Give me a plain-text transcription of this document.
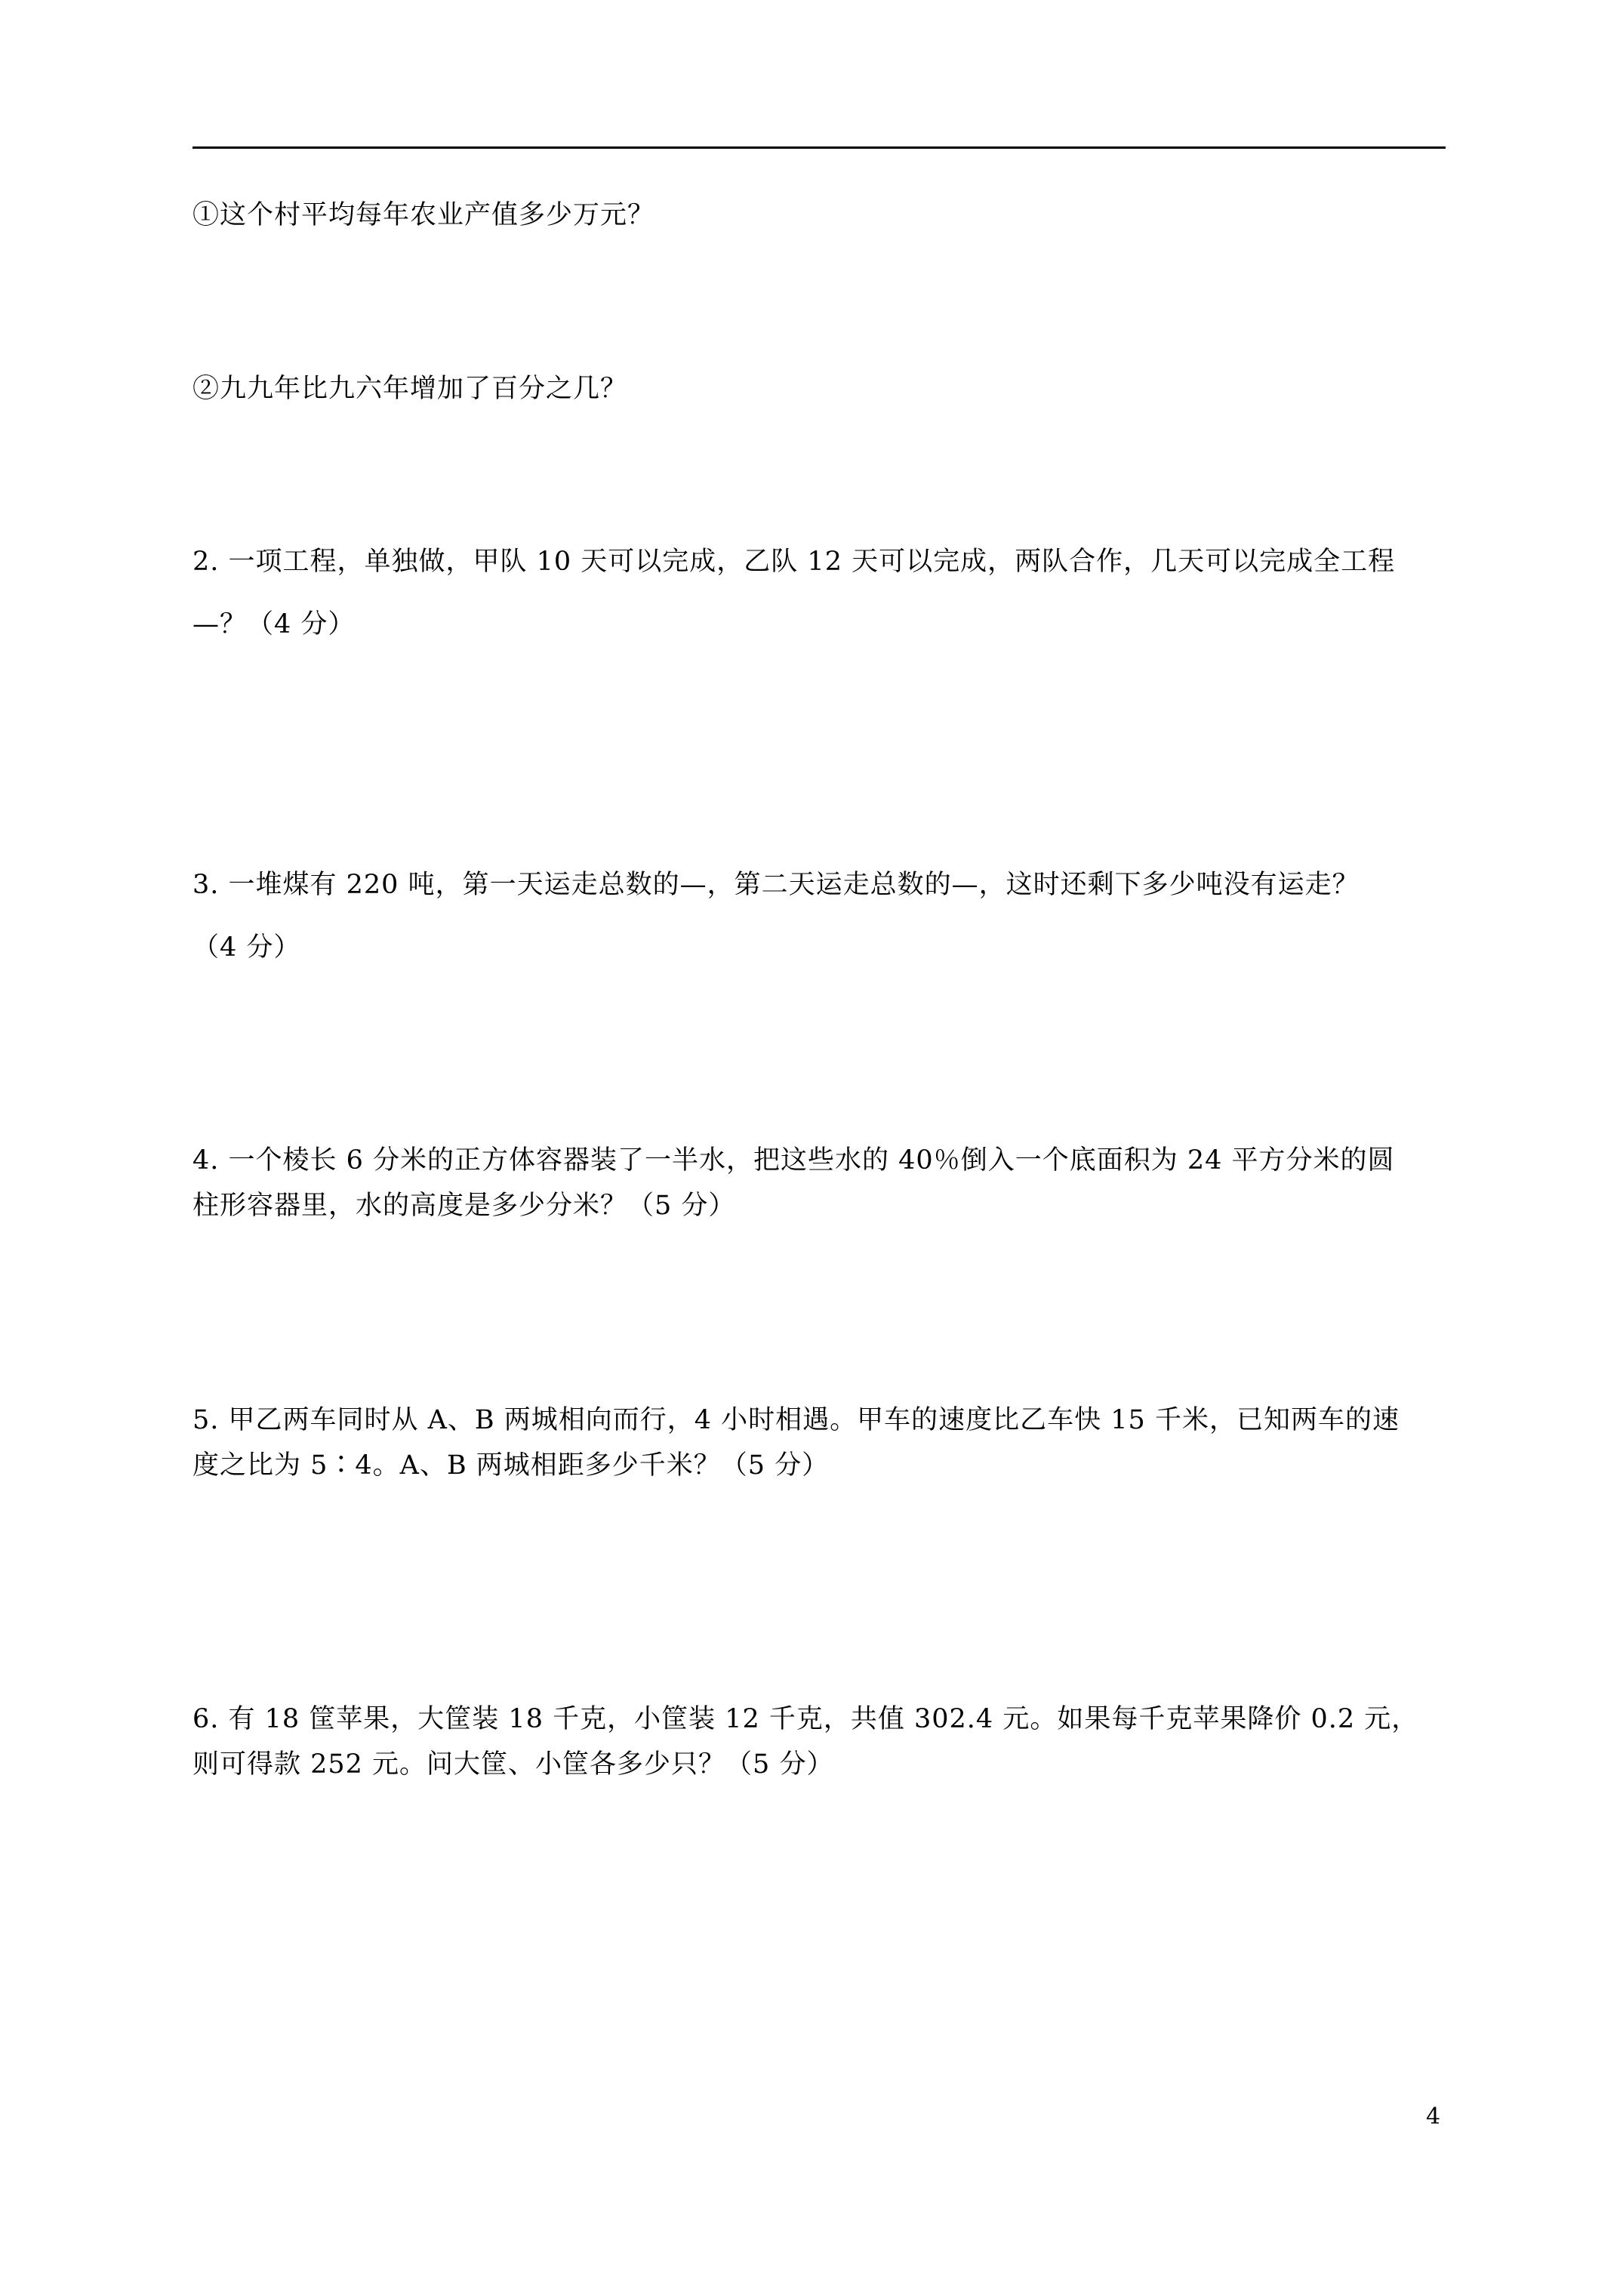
①这个村平均每年农业产值多少万元？
②九九年比九六年增加了百分之几？
2. 一项工程，单独做，甲队 10 天可以完成，乙队 12 天可以完成，两队合作，几天可以完成全工程
—？（4 分）
3. 一堆煤有 220 吨，第一天运走总数的—，第二天运走总数的—，这时还剩下多少吨没有运走？
（4 分）
4. 一个棱长 6 分米的正方体容器装了一半水，把这些水的 40％倒入一个底面积为 24 平方分米的圆
柱形容器里，水的高度是多少分米？（5 分）
5. 甲乙两车同时从 A、B 两城相向而行，4 小时相遇。甲车的速度比乙车快 15 千米，已知两车的速
度之比为 5∶4。A、B 两城相距多少千米？（5 分）
6. 有 18 筐苹果，大筐装 18 千克，小筐装 12 千克，共值 302.4 元。如果每千克苹果降价 0.2 元，
则可得款 252 元。问大筐、小筐各多少只？（5 分）
4
